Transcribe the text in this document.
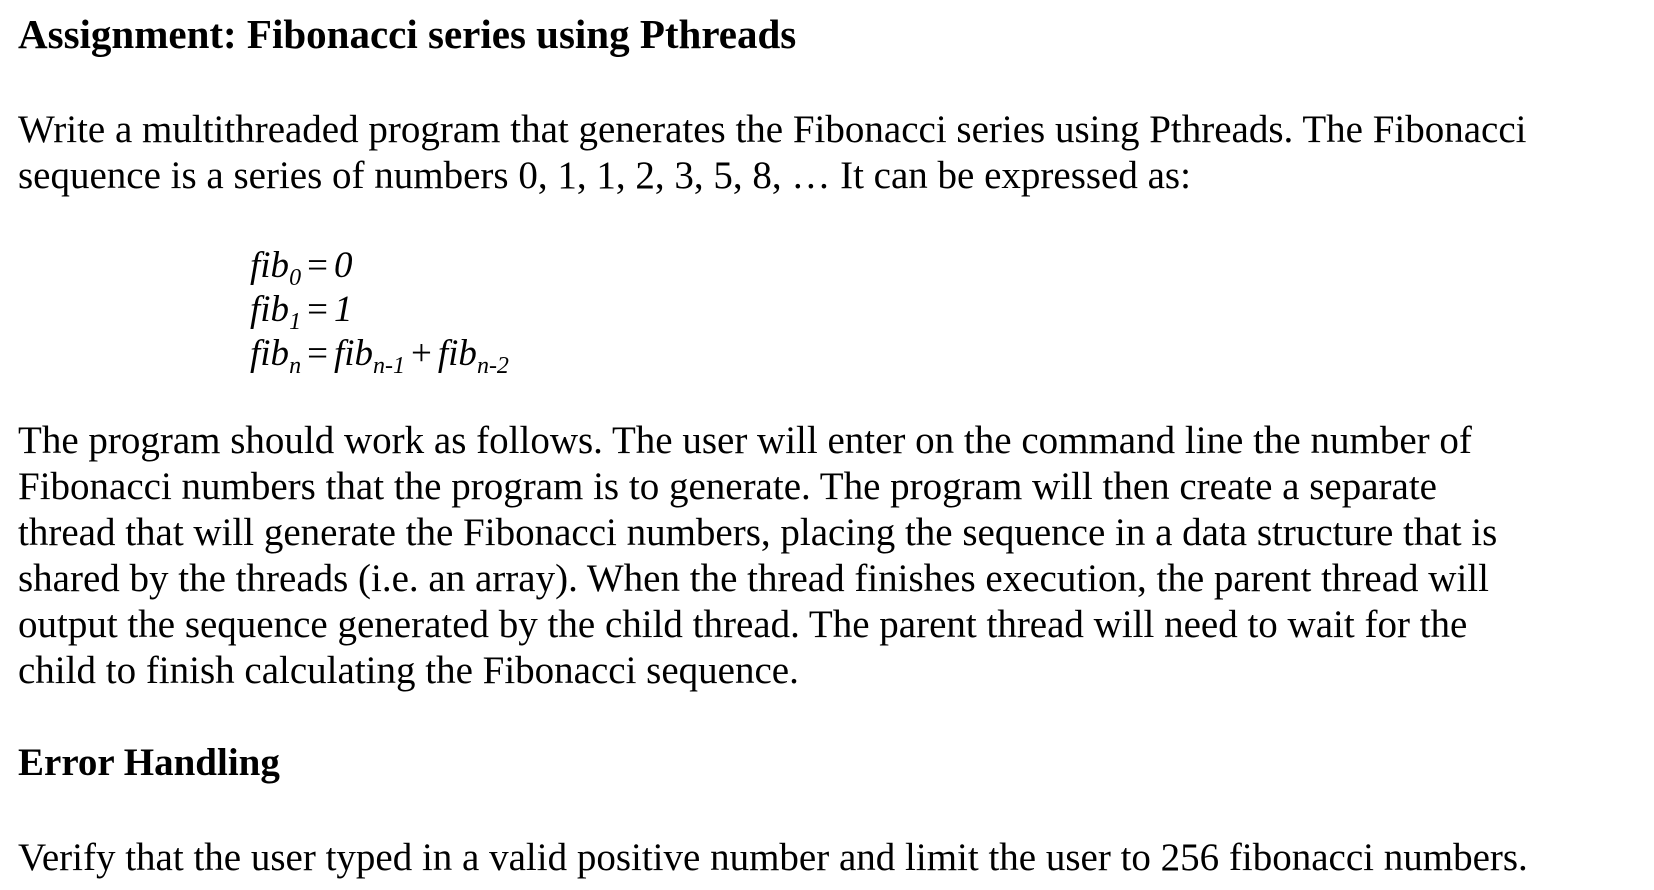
Assignment: Fibonacci series using Pthreads

Write a multithreaded program that generates the Fibonacci series using Pthreads. The Fibonacci
sequence is a series of numbers 0, 1, 1, 2, 3, 5, 8, … It can be expressed as:

fib$_0$ = 0
fib$_1$ = 1
fib$_n$ = fib$_{n-1}$ + fib$_{n-2}$

The program should work as follows. The user will enter on the command line the number of
Fibonacci numbers that the program is to generate. The program will then create a separate
thread that will generate the Fibonacci numbers, placing the sequence in a data structure that is
shared by the threads (i.e. an array). When the thread finishes execution, the parent thread will
output the sequence generated by the child thread. The parent thread will need to wait for the
child to finish calculating the Fibonacci sequence.

Error Handling

Verify that the user typed in a valid positive number and limit the user to 256 fibonacci numbers.
